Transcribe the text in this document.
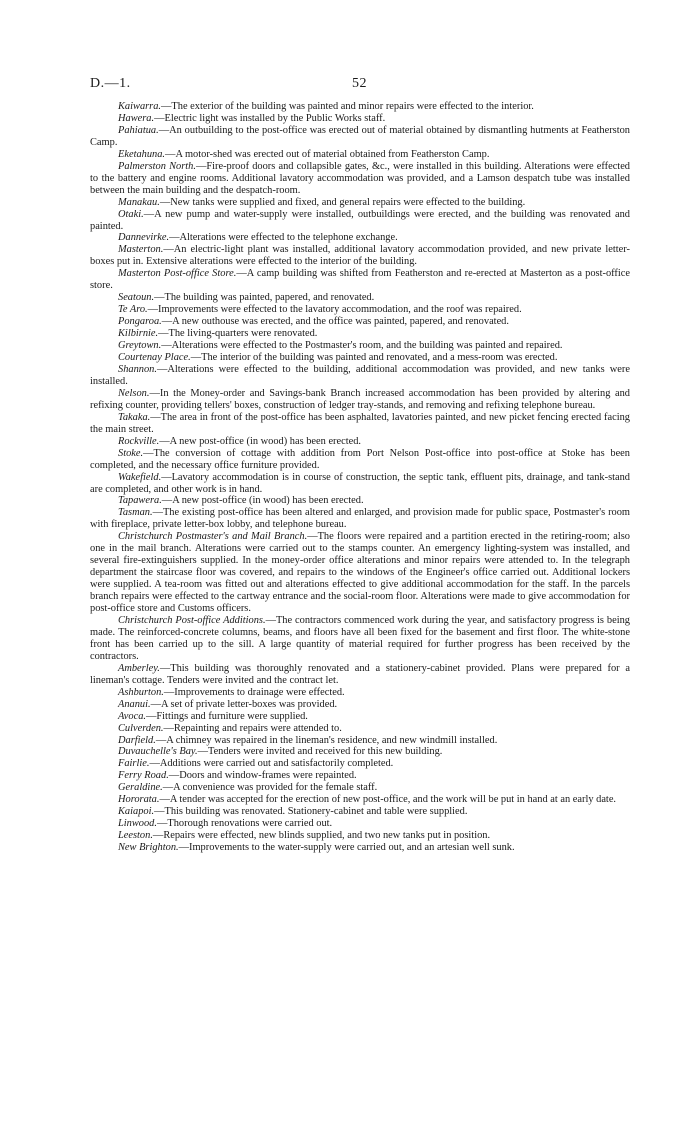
D.—1.	52

Kaiwarra.—The exterior of the building was painted and minor repairs were effected to the interior.

Hawera.—Electric light was installed by the Public Works staff.

Pahiatua.—An outbuilding to the post-office was erected out of material obtained by dismantling hutments at Featherston Camp.

Eketahuna.—A motor-shed was erected out of material obtained from Featherston Camp.

Palmerston North.—Fire-proof doors and collapsible gates, &c., were installed in this building. Alterations were effected to the battery and engine rooms. Additional lavatory accommodation was provided, and a Lamson despatch tube was installed between the main building and the despatch-room.

Manakau.—New tanks were supplied and fixed, and general repairs were effected to the building.

Otaki.—A new pump and water-supply were installed, outbuildings were erected, and the building was renovated and painted.

Dannevirke.—Alterations were effected to the telephone exchange.

Masterton.—An electric-light plant was installed, additional lavatory accommodation provided, and new private letter-boxes put in. Extensive alterations were effected to the interior of the building.

Masterton Post-office Store.—A camp building was shifted from Featherston and re-erected at Masterton as a post-office store.

Seatoun.—The building was painted, papered, and renovated.

Te Aro.—Improvements were effected to the lavatory accommodation, and the roof was repaired.

Pongaroa.—A new outhouse was erected, and the office was painted, papered, and renovated.

Kilbirnie.—The living-quarters were renovated.

Greytown.—Alterations were effected to the Postmaster's room, and the building was painted and repaired.

Courtenay Place.—The interior of the building was painted and renovated, and a mess-room was erected.

Shannon.—Alterations were effected to the building, additional accommodation was provided, and new tanks were installed.

Nelson.—In the Money-order and Savings-bank Branch increased accommodation has been provided by altering and refixing counter, providing tellers' boxes, construction of ledger tray-stands, and removing and refixing telephone bureau.

Takaka.—The area in front of the post-office has been asphalted, lavatories painted, and new picket fencing erected facing the main street.

Rockville.—A new post-office (in wood) has been erected.

Stoke.—The conversion of cottage with addition from Port Nelson Post-office into post-office at Stoke has been completed, and the necessary office furniture provided.

Wakefield.—Lavatory accommodation is in course of construction, the septic tank, effluent pits, drainage, and tank-stand are completed, and other work is in hand.

Tapawera.—A new post-office (in wood) has been erected.

Tasman.—The existing post-office has been altered and enlarged, and provision made for public space, Postmaster's room with fireplace, private letter-box lobby, and telephone bureau.

Christchurch Postmaster's and Mail Branch.—The floors were repaired and a partition erected in the retiring-room; also one in the mail branch. Alterations were carried out to the stamps counter. An emergency lighting-system was installed, and several fire-extinguishers supplied. In the money-order office alterations and minor repairs were attended to. In the telegraph department the staircase floor was covered, and repairs to the windows of the Engineer's office carried out. Additional lockers were supplied. A tea-room was fitted out and alterations effected to give additional accommodation for the staff. In the parcels branch repairs were effected to the cartway entrance and the social-room floor. Alterations were made to give accommodation for post-office store and Customs officers.

Christchurch Post-office Additions.—The contractors commenced work during the year, and satisfactory progress is being made. The reinforced-concrete columns, beams, and floors have all been fixed for the basement and first floor. The white-stone front has been carried up to the sill. A large quantity of material required for further progress has been received by the contractors.

Amberley.—This building was thoroughly renovated and a stationery-cabinet provided. Plans were prepared for a lineman's cottage. Tenders were invited and the contract let.

Ashburton.—Improvements to drainage were effected.

Ananui.—A set of private letter-boxes was provided.

Avoca.—Fittings and furniture were supplied.

Culverden.—Repainting and repairs were attended to.

Darfield.—A chimney was repaired in the lineman's residence, and new windmill installed.

Duvauchelle's Bay.—Tenders were invited and received for this new building.

Fairlie.—Additions were carried out and satisfactorily completed.

Ferry Road.—Doors and window-frames were repainted.

Geraldine.—A convenience was provided for the female staff.

Hororata.—A tender was accepted for the erection of new post-office, and the work will be put in hand at an early date.

Kaiapoi.—This building was renovated. Stationery-cabinet and table were supplied.

Linwood.—Thorough renovations were carried out.

Leeston.—Repairs were effected, new blinds supplied, and two new tanks put in position.

New Brighton.—Improvements to the water-supply were carried out, and an artesian well sunk.
